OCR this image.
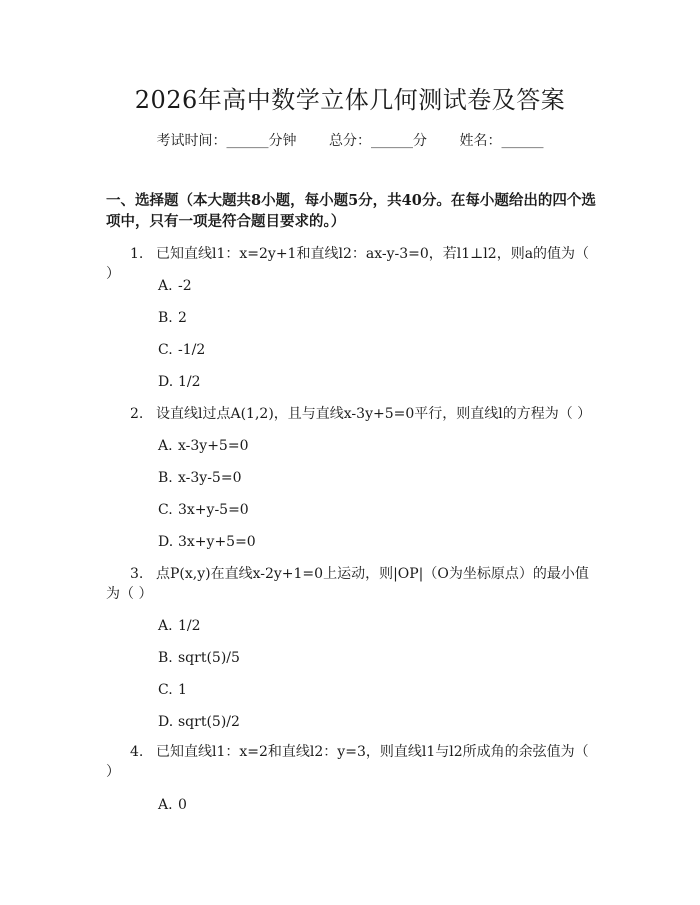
2026年高中数学立体几何测试卷及答案
考试时间：______分钟 总分：______分 姓名：______
一、选择题（本大题共8小题，每小题5分，共40分。在每小题给出的四个选项中，只有一项是符合题目要求的。）
1. 已知直线l1：x=2y+1和直线l2：ax-y-3=0，若l1⊥l2，则a的值为（ ）
A. -2
B. 2
C. -1/2
D. 1/2
2. 设直线l过点A(1,2)，且与直线x-3y+5=0平行，则直线l的方程为（ ）
A. x-3y+5=0
B. x-3y-5=0
C. 3x+y-5=0
D. 3x+y+5=0
3. 点P(x,y)在直线x-2y+1=0上运动，则|OP|（O为坐标原点）的最小值为（ ）
A. 1/2
B. sqrt(5)/5
C. 1
D. sqrt(5)/2
4. 已知直线l1：x=2和直线l2：y=3，则直线l1与l2所成角的余弦值为（ ）
A. 0
